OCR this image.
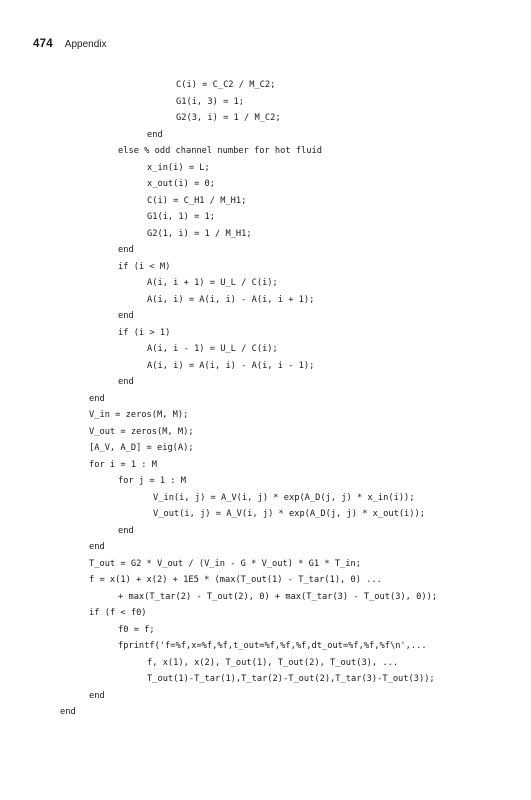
474 Appendix
C(i) = C_C2 / M_C2;
G1(i, 3) = 1;
G2(3, i) = 1 / M_C2;
end
else % odd channel number for hot fluid
x_in(i) = L;
x_out(i) = 0;
C(i) = C_H1 / M_H1;
G1(i, 1) = 1;
G2(1, i) = 1 / M_H1;
end
if (i < M)
A(i, i + 1) = U_L / C(i);
A(i, i) = A(i, i) - A(i, i + 1);
end
if (i > 1)
A(i, i - 1) = U_L / C(i);
A(i, i) = A(i, i) - A(i, i - 1);
end
end
V_in = zeros(M, M);
V_out = zeros(M, M);
[A_V, A_D] = eig(A);
for i = 1 : M
for j = 1 : M
V_in(i, j) = A_V(i, j) * exp(A_D(j, j) * x_in(i));
V_out(i, j) = A_V(i, j) * exp(A_D(j, j) * x_out(i));
end
end
T_out = G2 * V_out / (V_in - G * V_out) * G1 * T_in;
f = x(1) + x(2) + 1E5 * (max(T_out(1) - T_tar(1), 0) ...
+ max(T_tar(2) - T_out(2), 0) + max(T_tar(3) - T_out(3), 0));
if (f < f0)
f0 = f;
fprintf('f=%f,x=%f,%f,t_out=%f,%f,%f,dt_out=%f,%f,%f\n',...
f, x(1), x(2), T_out(1), T_out(2), T_out(3), ...
T_out(1)-T_tar(1),T_tar(2)-T_out(2),T_tar(3)-T_out(3));
end
end
